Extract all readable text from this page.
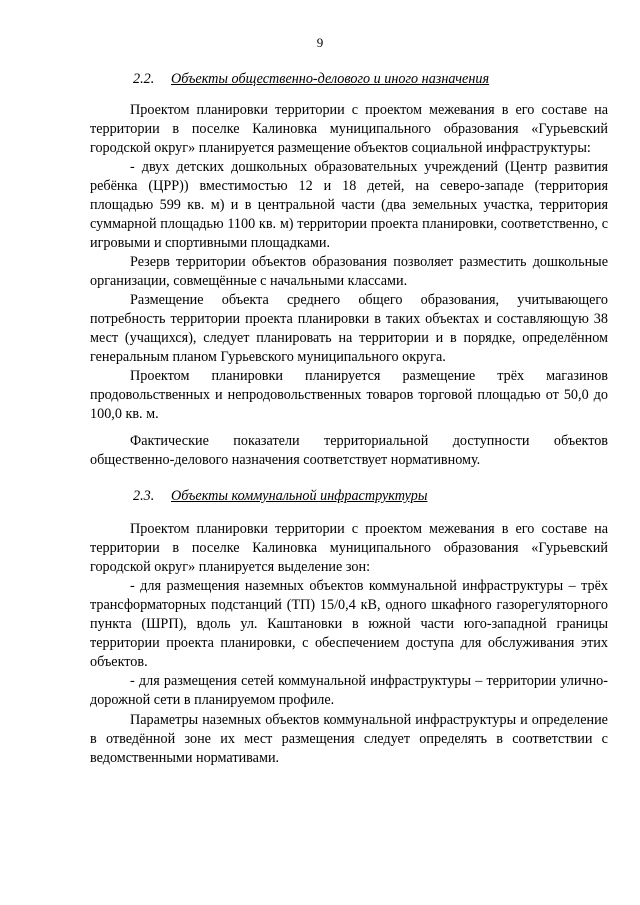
9
2.2. Объекты общественно-делового и иного назначения

Проектом планировки территории с проектом межевания в его составе на территории в поселке Калиновка муниципального образования «Гурьевский городской округ» планируется размещение объектов социальной инфраструктуры:

- двух детских дошкольных образовательных учреждений (Центр развития ребёнка (ЦРР)) вместимостью 12 и 18 детей, на северо-западе (территория площадью 599 кв. м) и в центральной части (два земельных участка, территория суммарной площадью 1100 кв. м) территории проекта планировки, соответственно, с игровыми и спортивными площадками.

Резерв территории объектов образования позволяет разместить дошкольные организации, совмещённые с начальными классами.

Размещение объекта среднего общего образования, учитывающего потребность территории проекта планировки в таких объектах и составляющую 38 мест (учащихся), следует планировать на территории и в порядке, определённом генеральным планом Гурьевского муниципального округа.

Проектом планировки планируется размещение трёх магазинов продовольственных и непродовольственных товаров торговой площадью от 50,0 до 100,0 кв. м.

Фактические показатели территориальной доступности объектов общественно-делового назначения соответствует нормативному.

2.3. Объекты коммунальной инфраструктуры

Проектом планировки территории с проектом межевания в его составе на территории в поселке Калиновка муниципального образования «Гурьевский городской округ» планируется выделение зон:

- для размещения наземных объектов коммунальной инфраструктуры – трёх трансформаторных подстанций (ТП) 15/0,4 кВ, одного шкафного газорегуляторного пункта (ШРП), вдоль ул. Каштановки в южной части юго-западной границы территории проекта планировки, с обеспечением доступа для обслуживания этих объектов.

- для размещения сетей коммунальной инфраструктуры – территории улично-дорожной сети в планируемом профиле.

Параметры наземных объектов коммунальной инфраструктуры и определение в отведённой зоне их мест размещения следует определять в соответствии с ведомственными нормативами.
